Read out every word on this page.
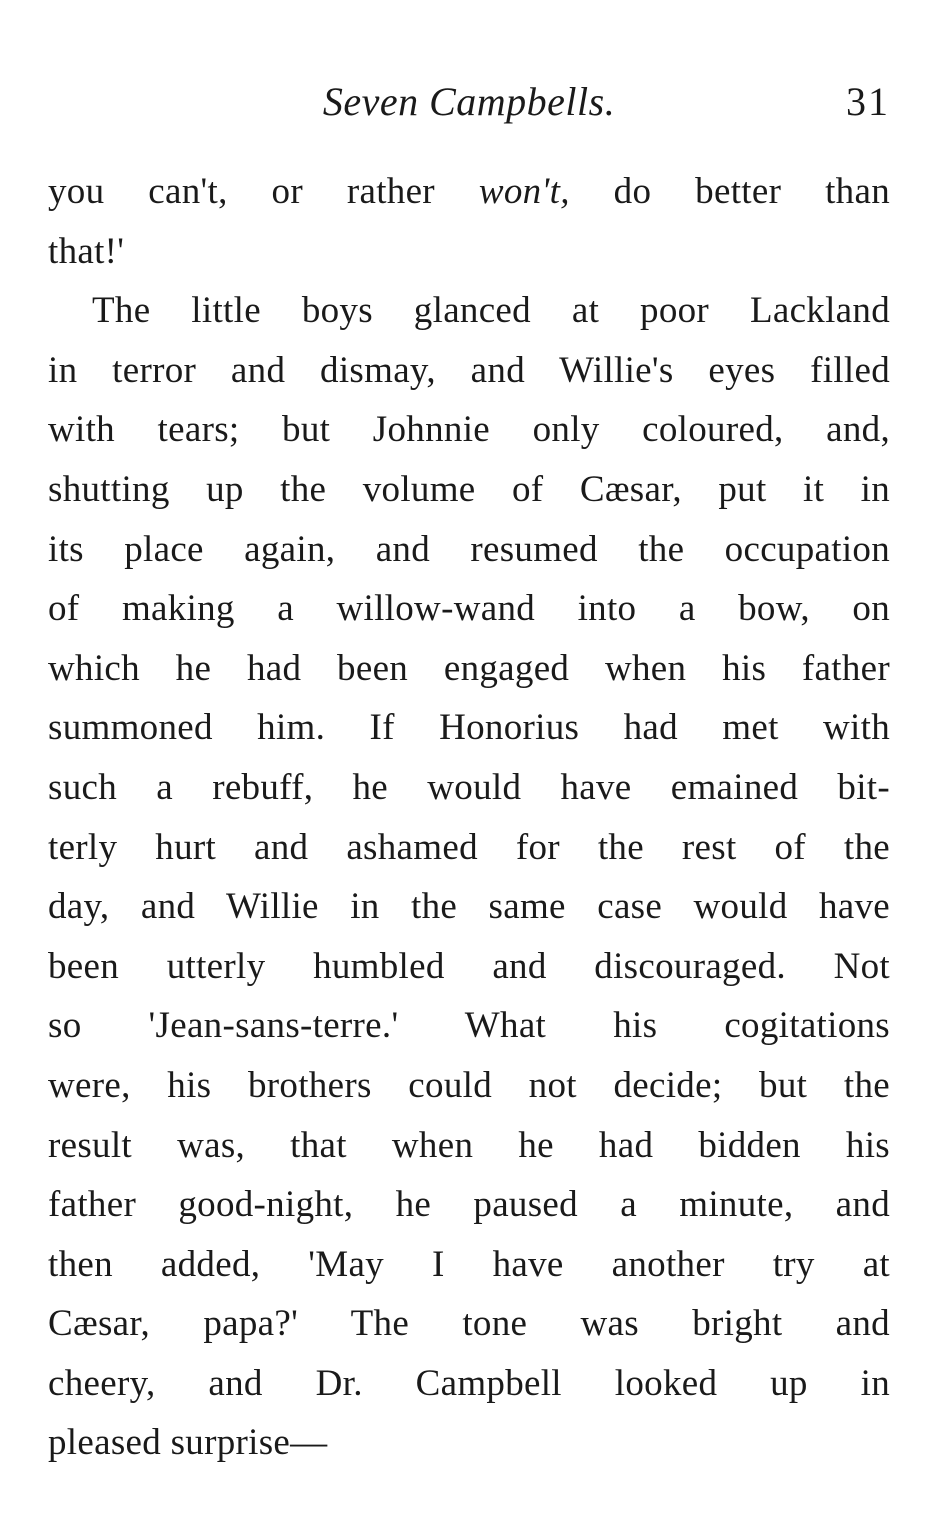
Seven Campbells.	31
you can't, or rather won't, do better than
that!'
The little boys glanced at poor Lackland
in terror and dismay, and Willie's eyes filled
with tears; but Johnnie only coloured, and,
shutting up the volume of Cæsar, put it in
its place again, and resumed the occupation
of making a willow-wand into a bow, on
which he had been engaged when his father
summoned him. If Honorius had met with
such a rebuff, he would have emained bit-
terly hurt and ashamed for the rest of the
day, and Willie in the same case would have
been utterly humbled and discouraged. Not
so 'Jean-sans-terre.' What his cogitations
were, his brothers could not decide; but the
result was, that when he had bidden his
father good-night, he paused a minute, and
then added, 'May I have another try at
Cæsar, papa?' The tone was bright and
cheery, and Dr. Campbell looked up in
pleased surprise—
